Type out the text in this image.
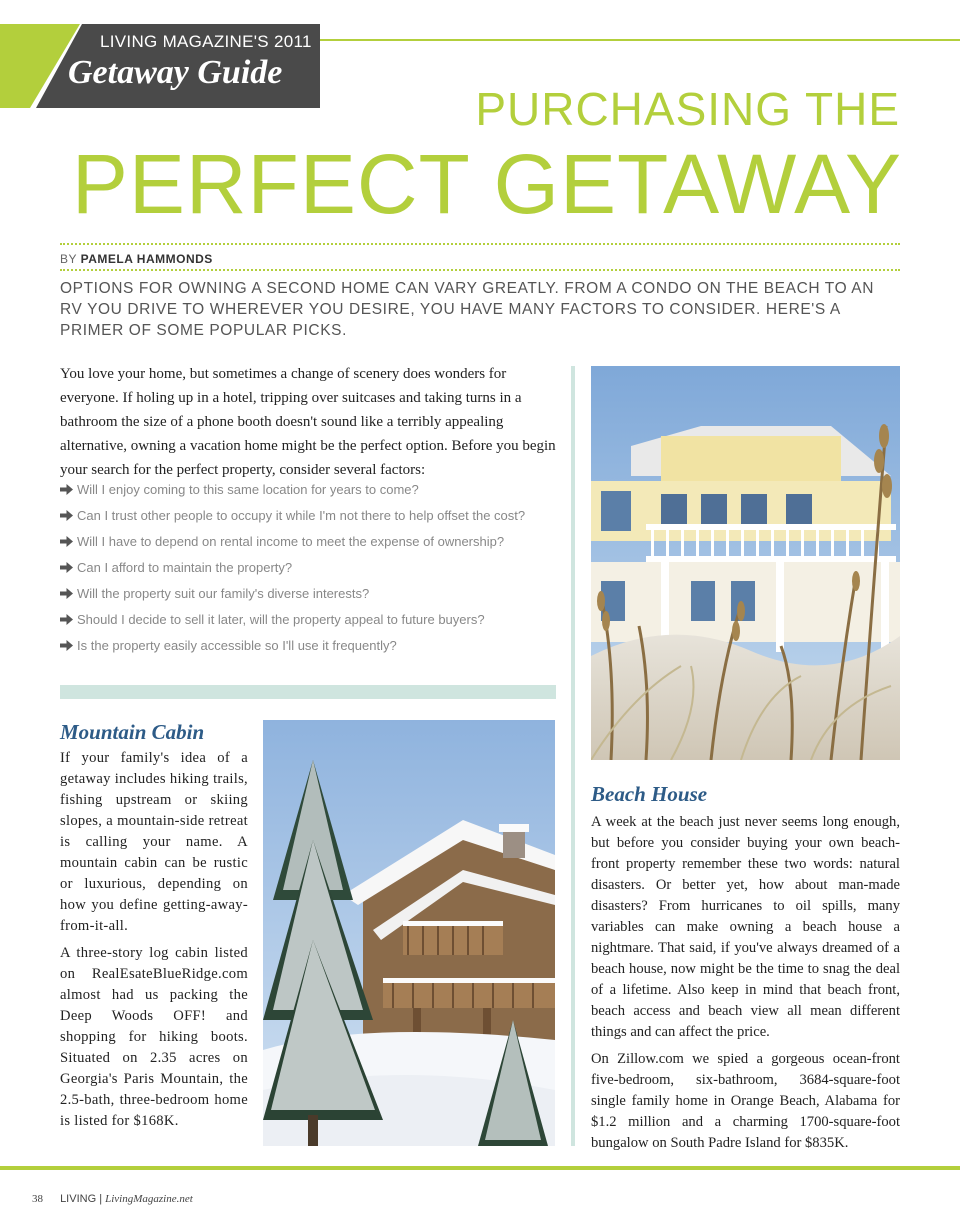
LIVING MAGAZINE'S 2011
Getaway Guide
PURCHASING THE
PERFECT GETAWAY
BY PAMELA HAMMONDS
OPTIONS FOR OWNING A SECOND HOME CAN VARY GREATLY. FROM A CONDO ON THE BEACH TO AN RV YOU DRIVE TO WHEREVER YOU DESIRE, YOU HAVE MANY FACTORS TO CONSIDER. HERE'S A PRIMER OF SOME POPULAR PICKS.
You love your home, but sometimes a change of scenery does wonders for everyone. If holing up in a hotel, tripping over suitcases and taking turns in a bathroom the size of a phone booth doesn't sound like a terribly appealing alternative, owning a vacation home might be the perfect option. Before you begin your search for the perfect property, consider several factors:
Will I enjoy coming to this same location for years to come?
Can I trust other people to occupy it while I'm not there to help offset the cost?
Will I have to depend on rental income to meet the expense of ownership?
Can I afford to maintain the property?
Will the property suit our family's diverse interests?
Should I decide to sell it later, will the property appeal to future buyers?
Is the property easily accessible so I'll use it frequently?
Mountain Cabin

If your family's idea of a getaway includes hiking trails, fishing upstream or skiing slopes, a mountain-side retreat is calling your name. A mountain cabin can be rustic or luxurious, depending on how you define getting-away-from-it-all.

A three-story log cabin listed on RealEsateBlueRidge.com almost had us packing the Deep Woods OFF! and shopping for hiking boots. Situated on 2.35 acres on Georgia's Paris Mountain, the 2.5-bath, three-bedroom home is listed for $168K.

Beach House

A week at the beach just never seems long enough, but before you consider buying your own beach-front property remember these two words: natural disasters. Or better yet, how about man-made disasters? From hurricanes to oil spills, many variables can make owning a beach house a nightmare. That said, if you've always dreamed of a beach house, now might be the time to snag the deal of a lifetime. Also keep in mind that beach front, beach access and beach view all mean different things and can affect the price.

On Zillow.com we spied a gorgeous ocean-front five-bedroom, six-bathroom, 3684-square-foot single family home in Orange Beach, Alabama for $1.2 million and a charming 1700-square-foot bungalow on South Padre Island for $835K.

38 LIVING | LivingMagazine.net
